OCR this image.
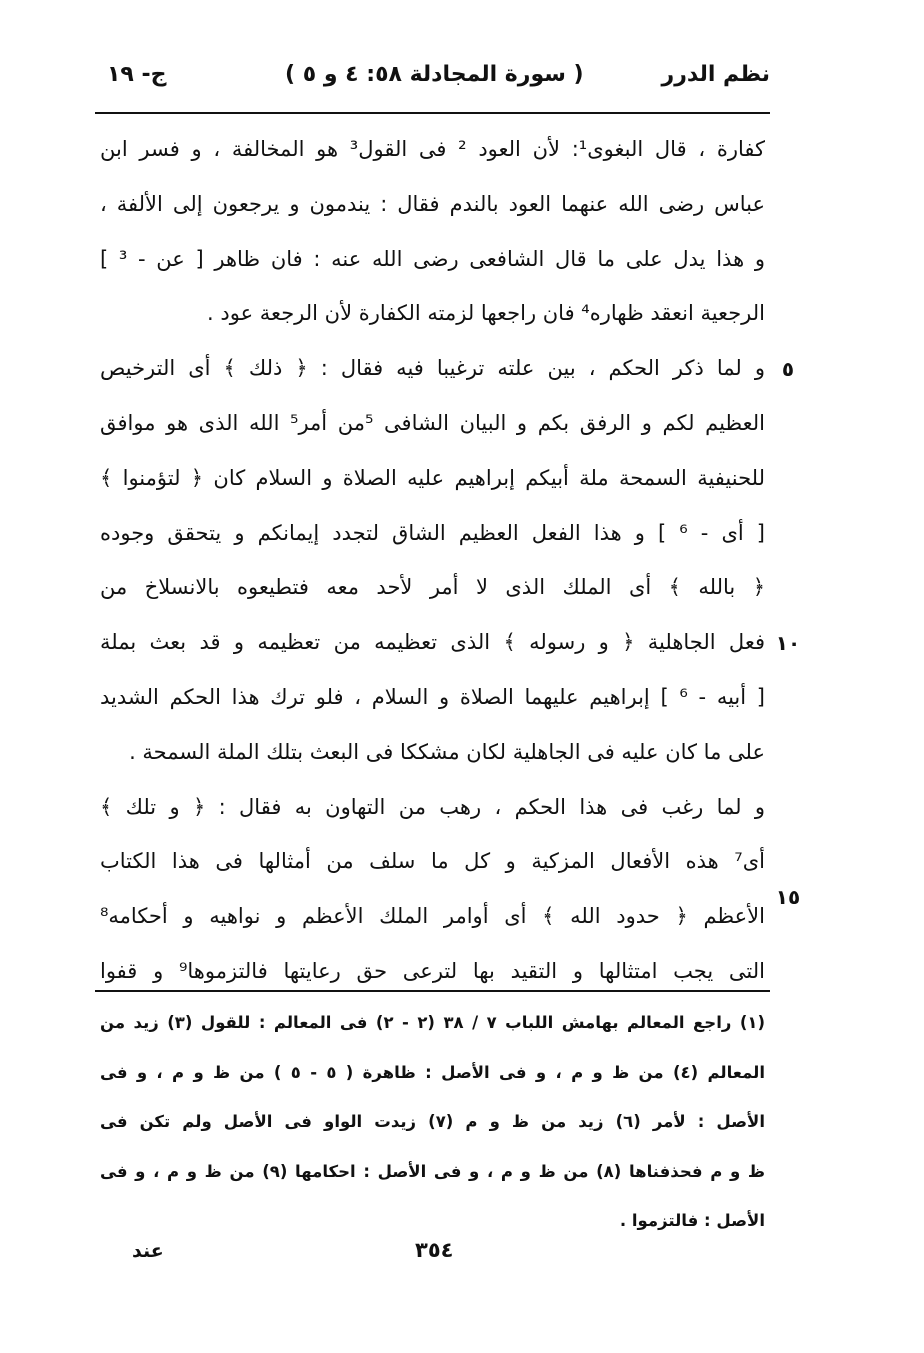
نظم الدرر
( سورة المجادلة ٥٨: ٤ و ٥ )
ج- ١٩
كفارة ، قال البغوى¹: لأن العود ² فى القول³ هو المخالفة ، و فسر ابن
عباس رضى الله عنهما العود بالندم فقال : يندمون و يرجعون إلى الألفة ،
و هذا يدل على ما قال الشافعى رضى الله عنه : فان ظاهر [ عن - ³ ]
الرجعية انعقد ظهاره⁴ فان راجعها لزمته الكفارة لأن الرجعة عود .
و لما ذكر الحكم ، بين علته ترغيبا فيه فقال : ﴿ ذلك ﴾ أى الترخيص
العظيم لكم و الرفق بكم و البيان الشافى ⁵من أمر⁵ الله الذى هو موافق
للحنيفية السمحة ملة أبيكم إبراهيم عليه الصلاة و السلام كان ﴿ لتؤمنوا ﴾
[ أى - ⁶ ] و هذا الفعل العظيم الشاق لتجدد إيمانكم و يتحقق وجوده
﴿ بالله ﴾ أى الملك الذى لا أمر لأحد معه فتطيعوه بالانسلاخ من
فعل الجاهلية ﴿ و رسوله ﴾ الذى تعظيمه من تعظيمه و قد بعث بملة
[ أبيه - ⁶ ] إبراهيم عليهما الصلاة و السلام ، فلو ترك هذا الحكم الشديد
على ما كان عليه فى الجاهلية لكان مشككا فى البعث بتلك الملة السمحة .
و لما رغب فى هذا الحكم ، رهب من التهاون به فقال : ﴿ و تلك ﴾
أى⁷ هذه الأفعال المزكية و كل ما سلف من أمثالها فى هذا الكتاب
الأعظم ﴿ حدود الله ﴾ أى أوامر الملك الأعظم و نواهيه و أحكامه⁸
التى يجب امتثالها و التقيد بها لترعى حق رعايتها فالتزموها⁹ و قفوا
٥
١٠
١٥
(١) راجع المعالم بهامش اللباب ٧ / ٣٨ (٢ - ٢) فى المعالم : للقول (٣) زيد من
المعالم (٤) من ظ و م ، و فى الأصل : ظاهرة ( ٥ - ٥ ) من ظ و م ، و فى
الأصل : لأمر (٦) زيد من ظ و م (٧) زيدت الواو فى الأصل ولم تكن فى
ظ و م فحذفناها (٨) من ظ و م ، و فى الأصل : احكامها (٩) من ظ و م ، و فى
الأصل : فالتزموا .
٣٥٤
عند
